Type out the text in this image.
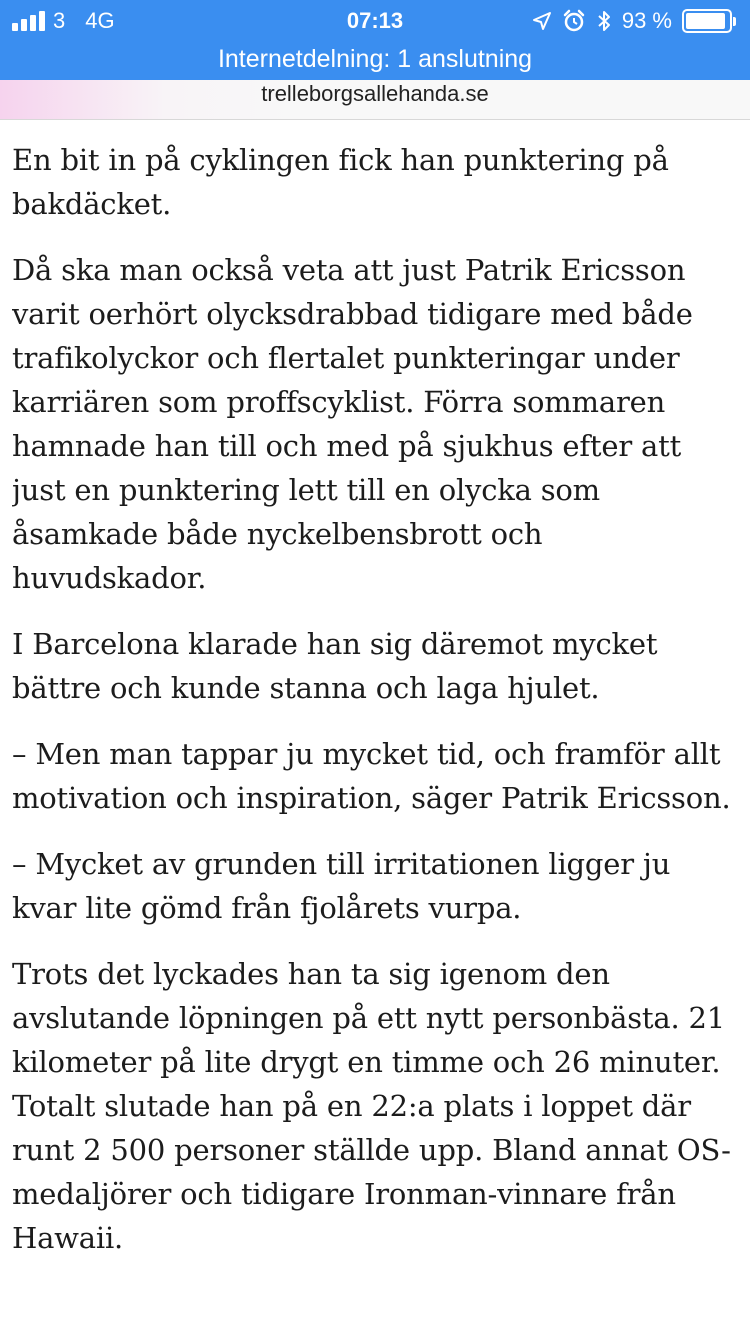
3 4G	07:13	93 %
Internetdelning: 1 anslutning
trelleborgsallehanda.se

En bit in på cyklingen fick han punktering på bakdäcket.

Då ska man också veta att just Patrik Ericsson varit oerhört olycksdrabbad tidigare med både trafikolyckor och flertalet punkteringar under karriären som proffscyklist. Förra sommaren hamnade han till och med på sjukhus efter att just en punktering lett till en olycka som åsamkade både nyckelbensbrott och huvudskador.

I Barcelona klarade han sig däremot mycket bättre och kunde stanna och laga hjulet.

– Men man tappar ju mycket tid, och framför allt motivation och inspiration, säger Patrik Ericsson.

– Mycket av grunden till irritationen ligger ju kvar lite gömd från fjolårets vurpa.

Trots det lyckades han ta sig igenom den avslutande löpningen på ett nytt personbästa. 21 kilometer på lite drygt en timme och 26 minuter. Totalt slutade han på en 22:a plats i loppet där runt 2 500 personer ställde upp. Bland annat OS-medaljörer och tidigare Ironman-vinnare från Hawaii.
